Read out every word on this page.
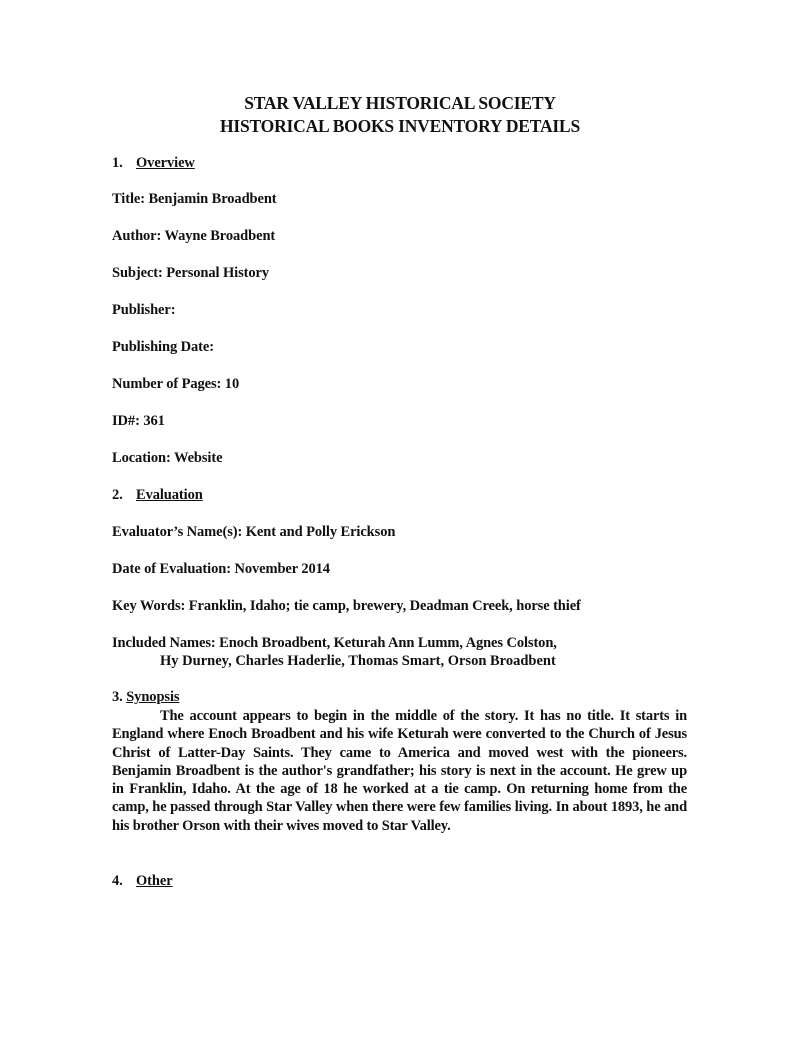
STAR VALLEY HISTORICAL SOCIETY
HISTORICAL BOOKS INVENTORY DETAILS
1. Overview
Title: Benjamin Broadbent
Author: Wayne Broadbent
Subject: Personal History
Publisher:
Publishing Date:
Number of Pages: 10
ID#: 361
Location: Website
2. Evaluation
Evaluator’s Name(s): Kent and Polly Erickson
Date of Evaluation: November 2014
Key Words: Franklin, Idaho; tie camp, brewery, Deadman Creek, horse thief
Included Names: Enoch Broadbent, Keturah Ann Lumm, Agnes Colston,
Hy Durney, Charles Haderlie, Thomas Smart, Orson Broadbent
3. Synopsis
The account appears to begin in the middle of the story. It has no title. It starts in England where Enoch Broadbent and his wife Keturah were converted to the Church of Jesus Christ of Latter-Day Saints. They came to America and moved west with the pioneers. Benjamin Broadbent is the author's grandfather; his story is next in the account. He grew up in Franklin, Idaho. At the age of 18 he worked at a tie camp. On returning home from the camp, he passed through Star Valley when there were few families living. In about 1893, he and his brother Orson with their wives moved to Star Valley.
4. Other
